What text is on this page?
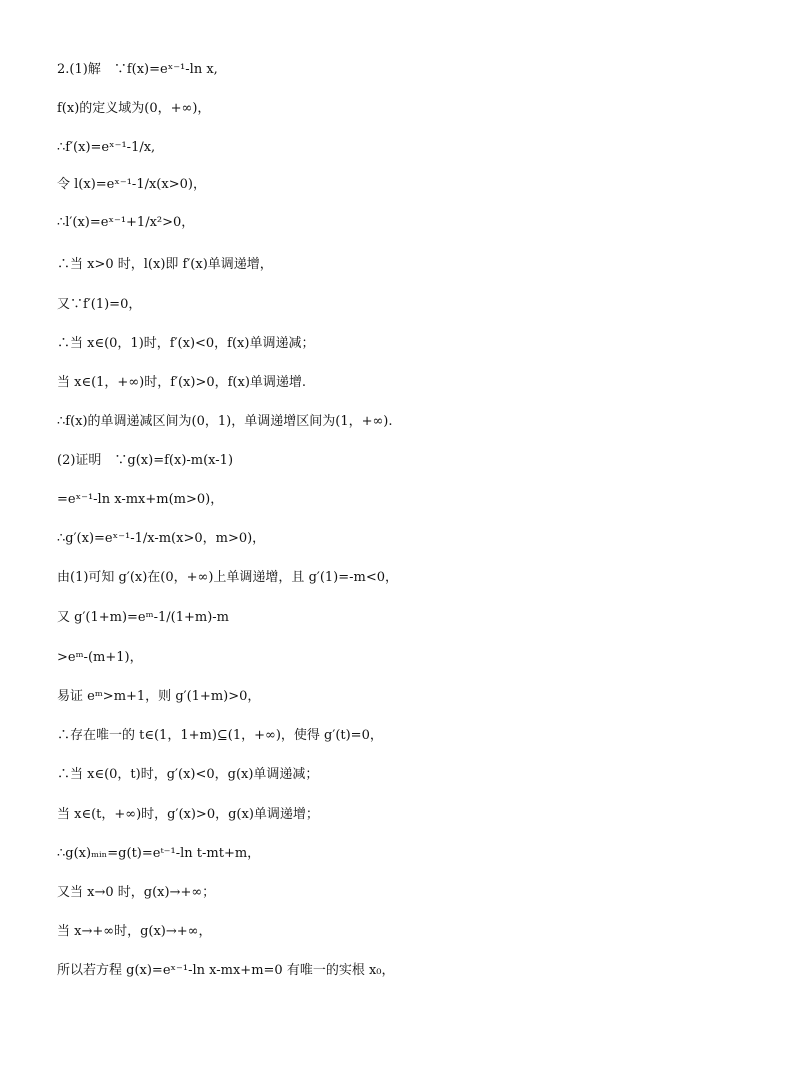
2.(1)解　∵f(x)=eˣ⁻¹-ln x,
f(x)的定义域为(0，+∞)，
∴f′(x)=eˣ⁻¹-1/x,
令 l(x)=eˣ⁻¹-1/x(x>0)，
∴l′(x)=eˣ⁻¹+1/x²>0，
∴当 x>0 时，l(x)即 f′(x)单调递增，
又∵f′(1)=0，
∴当 x∈(0，1)时，f′(x)<0，f(x)单调递减；
当 x∈(1，+∞)时，f′(x)>0，f(x)单调递增.
∴f(x)的单调递减区间为(0，1)，单调递增区间为(1，+∞).
(2)证明　∵g(x)=f(x)-m(x-1)
=eˣ⁻¹-ln x-mx+m(m>0)，
∴g′(x)=eˣ⁻¹-1/x-m(x>0，m>0)，
由(1)可知 g′(x)在(0，+∞)上单调递增，且 g′(1)=-m<0，
又 g′(1+m)=eᵐ-1/(1+m)-m
>eᵐ-(m+1)，
易证 eᵐ>m+1，则 g′(1+m)>0，
∴存在唯一的 t∈(1，1+m)⊆(1，+∞)，使得 g′(t)=0，
∴当 x∈(0，t)时，g′(x)<0，g(x)单调递减；
当 x∈(t，+∞)时，g′(x)>0，g(x)单调递增；
∴g(x)ₘᵢₙ=g(t)=eᵗ⁻¹-ln t-mt+m，
又当 x→0 时，g(x)→+∞；
当 x→+∞时，g(x)→+∞，
所以若方程 g(x)=eˣ⁻¹-ln x-mx+m=0 有唯一的实根 x₀，
